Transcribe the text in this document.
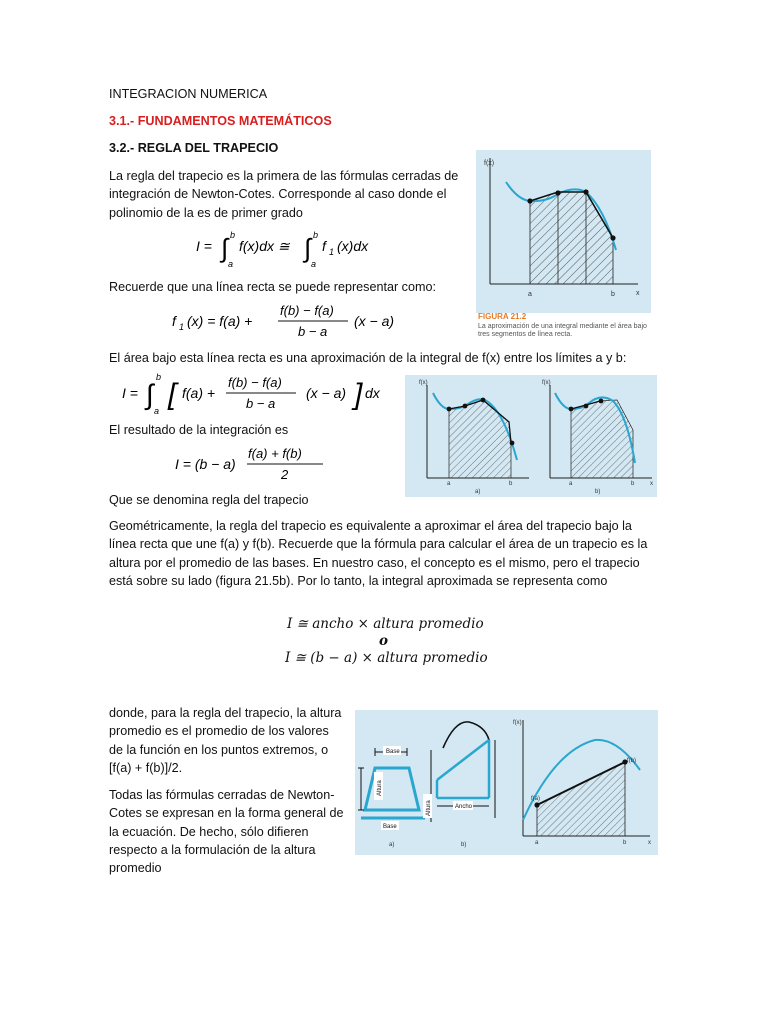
INTEGRACION NUMERICA
3.1.- FUNDAMENTOS MATEMÁTICOS
3.2.- REGLA DEL TRAPECIO
La regla del trapecio es la primera de las fórmulas cerradas de integración de Newton-Cotes. Corresponde al caso donde el polinomio de la es de primer grado
I = ∫ b
a
f(x)dx ≅ ∫ b
a
f 1 (x)dx
Recuerde que una línea recta se puede representar como:
f 1 (x) = f(a) +
f(b) − f(a)
b − a
(x − a)
El área bajo esta línea recta es una aproximación de la integral de f(x) entre los límites a y b:
I = ∫
b
a [ f(a) +
f(b) − f(a)
b − a
(x − a) ] dx
El resultado de la integración es
I = (b − a)
f(a) + f(b)
2
Que se denomina regla del trapecio
Geométricamente, la regla del trapecio es equivalente a aproximar el área del trapecio bajo la línea recta que une f(a) y f(b). Recuerde que la fórmula para calcular el área de un trapecio es la altura por el promedio de las bases. En nuestro caso, el concepto es el mismo, pero el trapecio está sobre su lado (figura 21.5b). Por lo tanto, la integral aproximada se representa como
I ≅ ancho × altura promedio
o
I ≅ (b − a) × altura promedio
donde, para la regla del trapecio, la altura promedio es el promedio de los valores de la función en los puntos extremos, o [f(a) + f(b)]/2.
Todas las fórmulas cerradas de Newton-Cotes se expresan en la forma general de la ecuación. De hecho, sólo difieren respecto a la formulación de la altura promedio
f(x)
x
a	b
FIGURA 21.2
La aproximación de una integral mediante el área bajo tres segmentos de línea recta.
f(x)
a	b
a)
f(x)
a	b	x
b)
Base
Altura
Base
a)
Altura	Ancho
b)
f(x)
f(a)
f(b)
a	b	x
